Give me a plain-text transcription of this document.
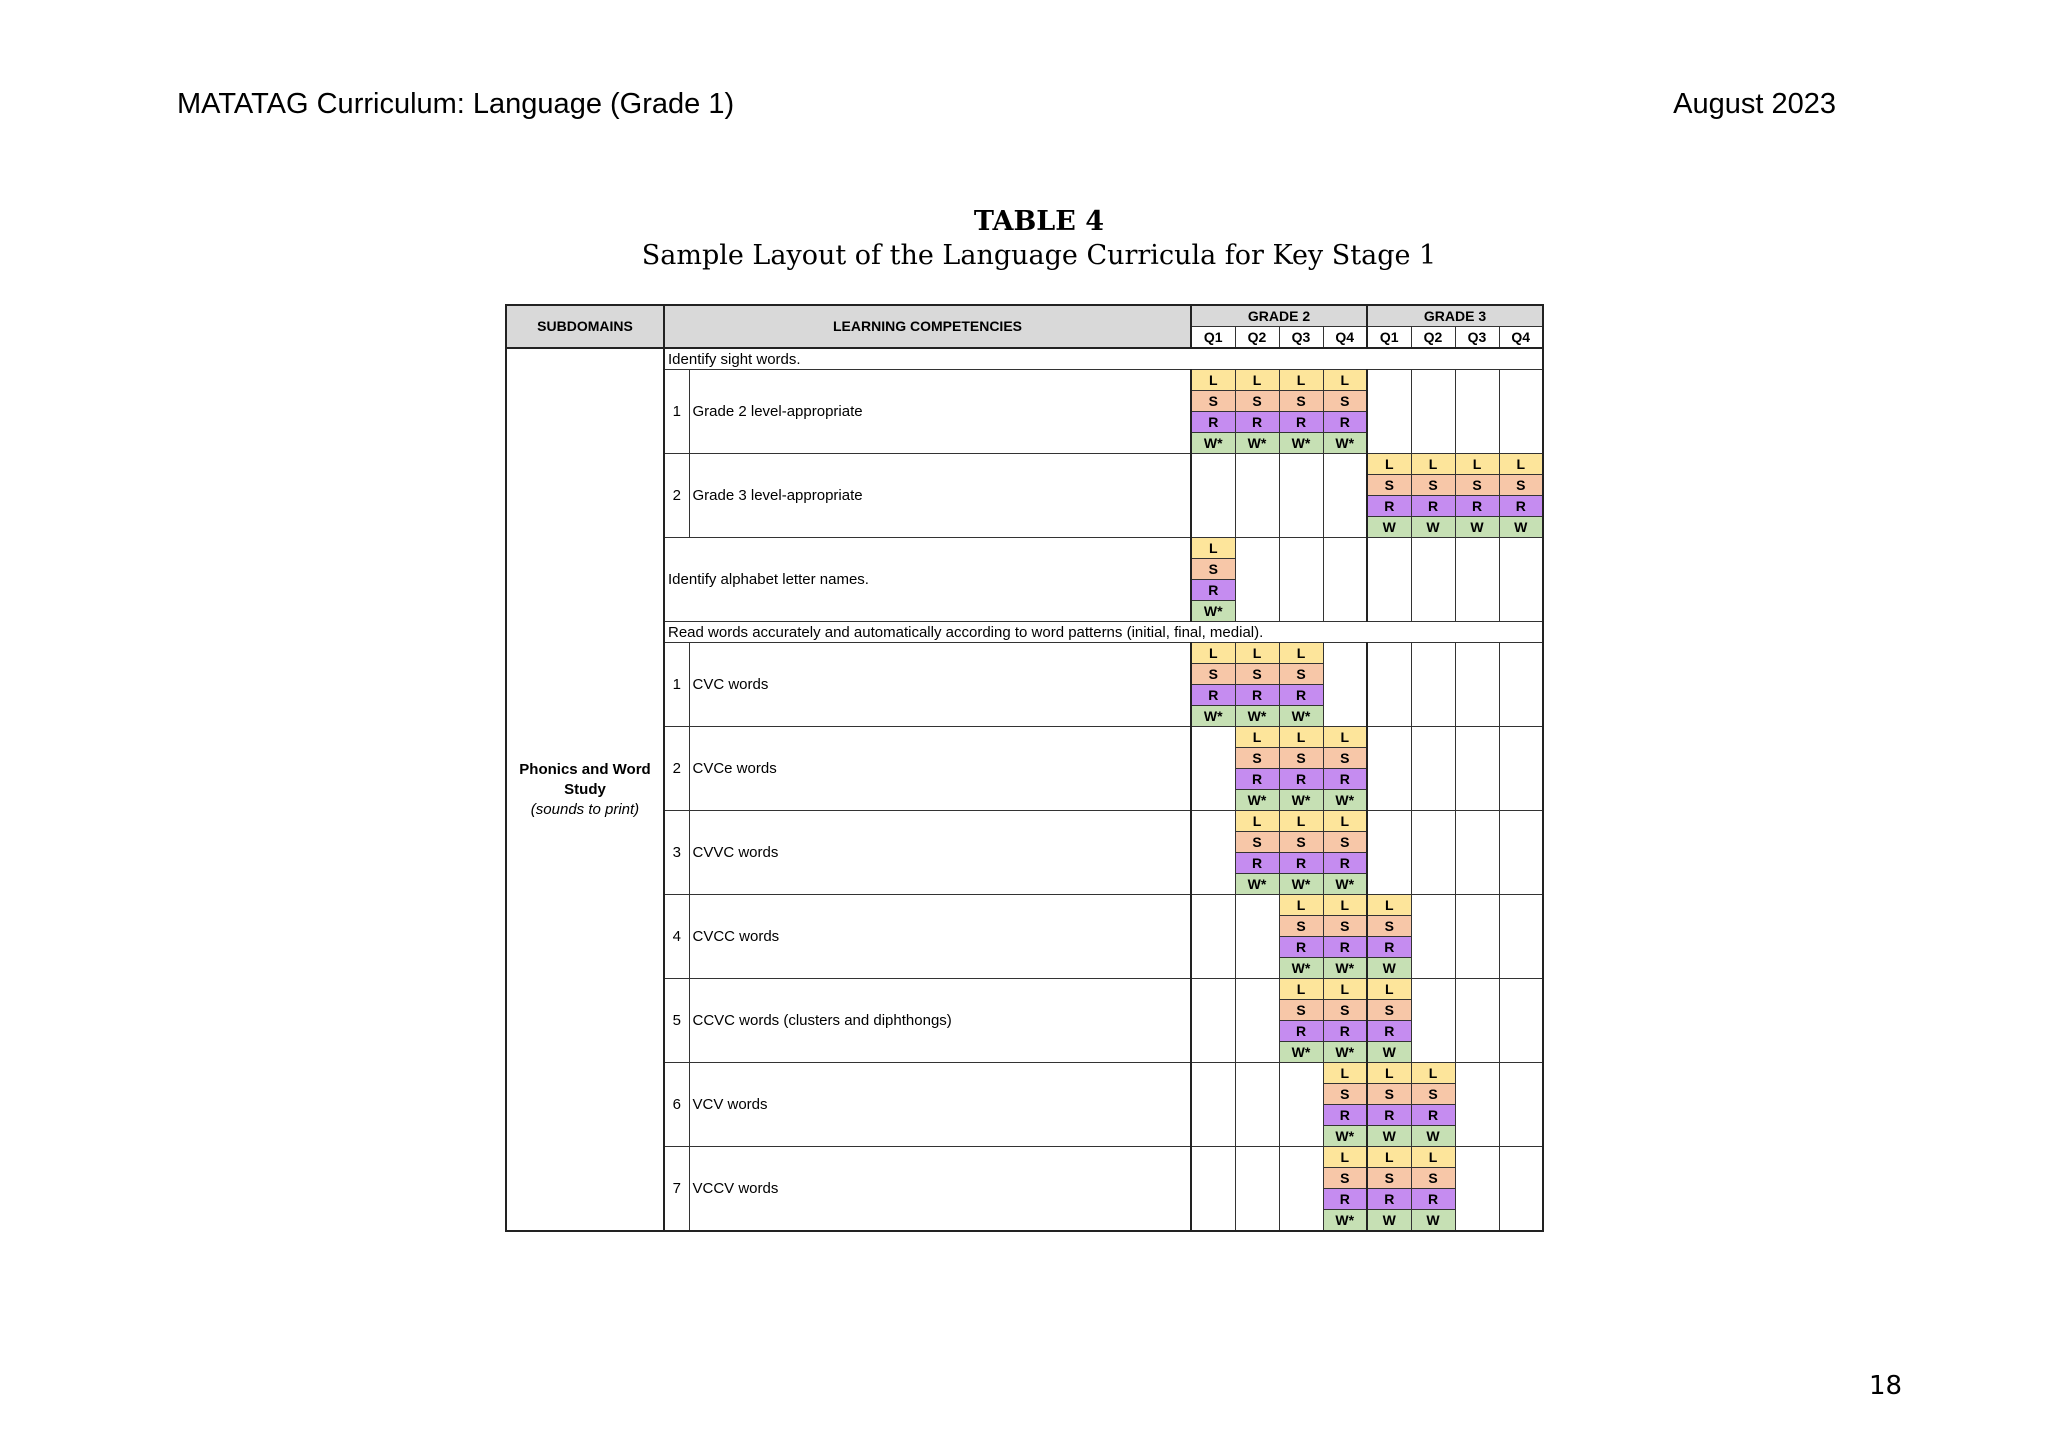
MATATAG Curriculum: Language (Grade 1)	August 2023
TABLE 4
Sample Layout of the Language Curricula for Key Stage 1
SUBDOMAINS	LEARNING COMPETENCIES		GRADE 2				GRADE 3			
			Q1	Q2	Q3	Q4	Q1	Q2	Q3	Q4
Phonics and Word
Study
(sounds to print)	Identify sight words.									
	1	Grade 2 level-appropriate	L	L	L	L				
			S	S	S	S				
			R	R	R	R				
			W*	W*	W*	W*				
	2	Grade 3 level-appropriate					L	L	L	L
							S	S	S	S
							R	R	R	R
							W	W	W	W
	Identify alphabet letter names.		L							
			S							
			R							
			W*							
	Read words accurately and automatically according to word patterns (initial, final, medial).									
	1	CVC words	L	L	L					
			S	S	S					
			R	R	R					
			W*	W*	W*					
	2	CVCe words		L	L	L				
				S	S	S				
				R	R	R				
				W*	W*	W*				
	3	CVVC words		L	L	L				
				S	S	S				
				R	R	R				
				W*	W*	W*				
	4	CVCC words			L	L	L			
					S	S	S			
					R	R	R			
					W*	W*	W			
	5	CCVC words (clusters and diphthongs)			L	L	L			
					S	S	S			
					R	R	R			
					W*	W*	W			
	6	VCV words				L	L	L		
						S	S	S		
						R	R	R		
						W*	W	W		
	7	VCCV words				L	L	L		
						S	S	S		
						R	R	R		
						W*	W	W		
18
